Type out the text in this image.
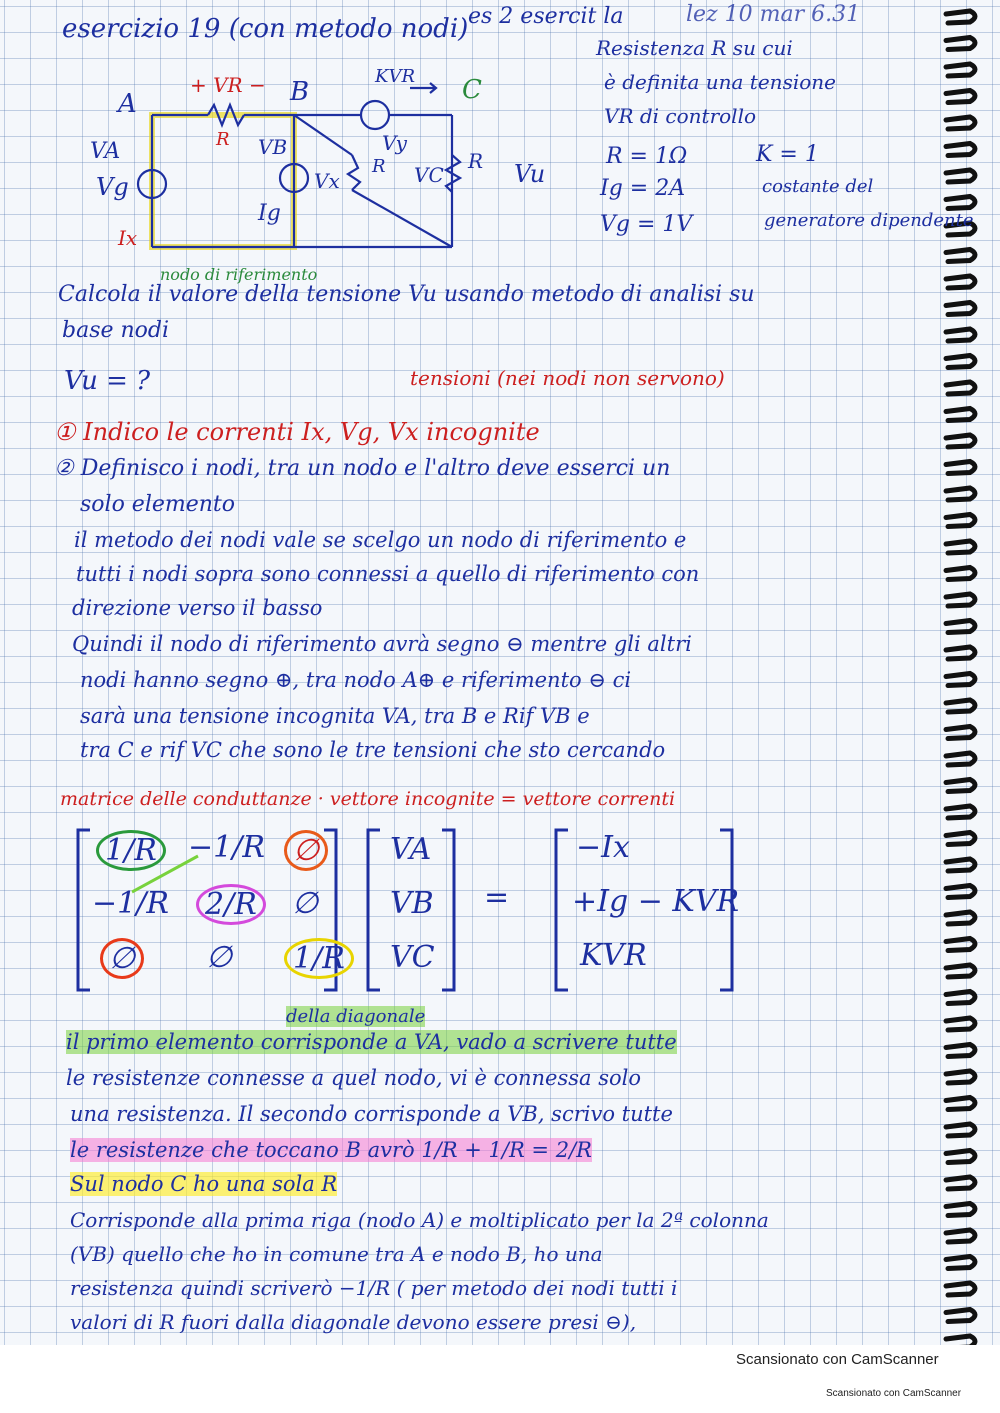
esercizio 19 (con metodo nodi) es 2 esercit la	lez 10 mar 6.31
A	B	C
+ VR −
R
KVR
VA
Vg
Ix
VB
Ig
Vx
Vy
VC
R	R
nodo di riferimento
Vu
Resistenza R su cui
è definita una tensione
VR di controllo
R = 1Ω
Ig = 2A
Vg = 1V
K = 1
costante del
generatore dipendente
Calcola il valore della tensione Vu usando metodo di analisi su
base nodi
Vu = ?	tensioni (nei nodi non servono)
① Indico le correnti Ix, Vg, Vx incognite
② Definisco i nodi, tra un nodo e l'altro deve esserci un
solo elemento
il metodo dei nodi vale se scelgo un nodo di riferimento e
tutti i nodi sopra sono connessi a quello di riferimento con
direzione verso il basso
Quindi il nodo di riferimento avrà segno ⊖ mentre gli altri
nodi hanno segno ⊕, tra nodo A⊕ e riferimento ⊖ ci
sarà una tensione incognita VA, tra B e Rif VB e
tra C e rif VC che sono le tre tensioni che sto cercando
matrice delle conduttanze · vettore incognite = vettore correnti
1/R	−1/R ∅
−1/R	2/R	∅
∅	∅	1/R
VA
VB
VC
=
−Ix
+Ig − KVR
KVR
della diagonale
il primo elemento corrisponde a VA, vado a scrivere tutte
le resistenze connesse a quel nodo, vi è connessa solo
una resistenza. Il secondo corrisponde a VB, scrivo tutte
le resistenze che toccano B avrò 1/R + 1/R = 2/R
Sul nodo C ho una sola R
Corrisponde alla prima riga (nodo A) e moltiplicato per la 2ª colonna
(VB) quello che ho in comune tra A e nodo B, ho una
resistenza quindi scriverò −1/R ( per metodo dei nodi tutti i
valori di R fuori dalla diagonale devono essere presi ⊖),
Scansionato con CamScanner
Scansionato con CamScanner
